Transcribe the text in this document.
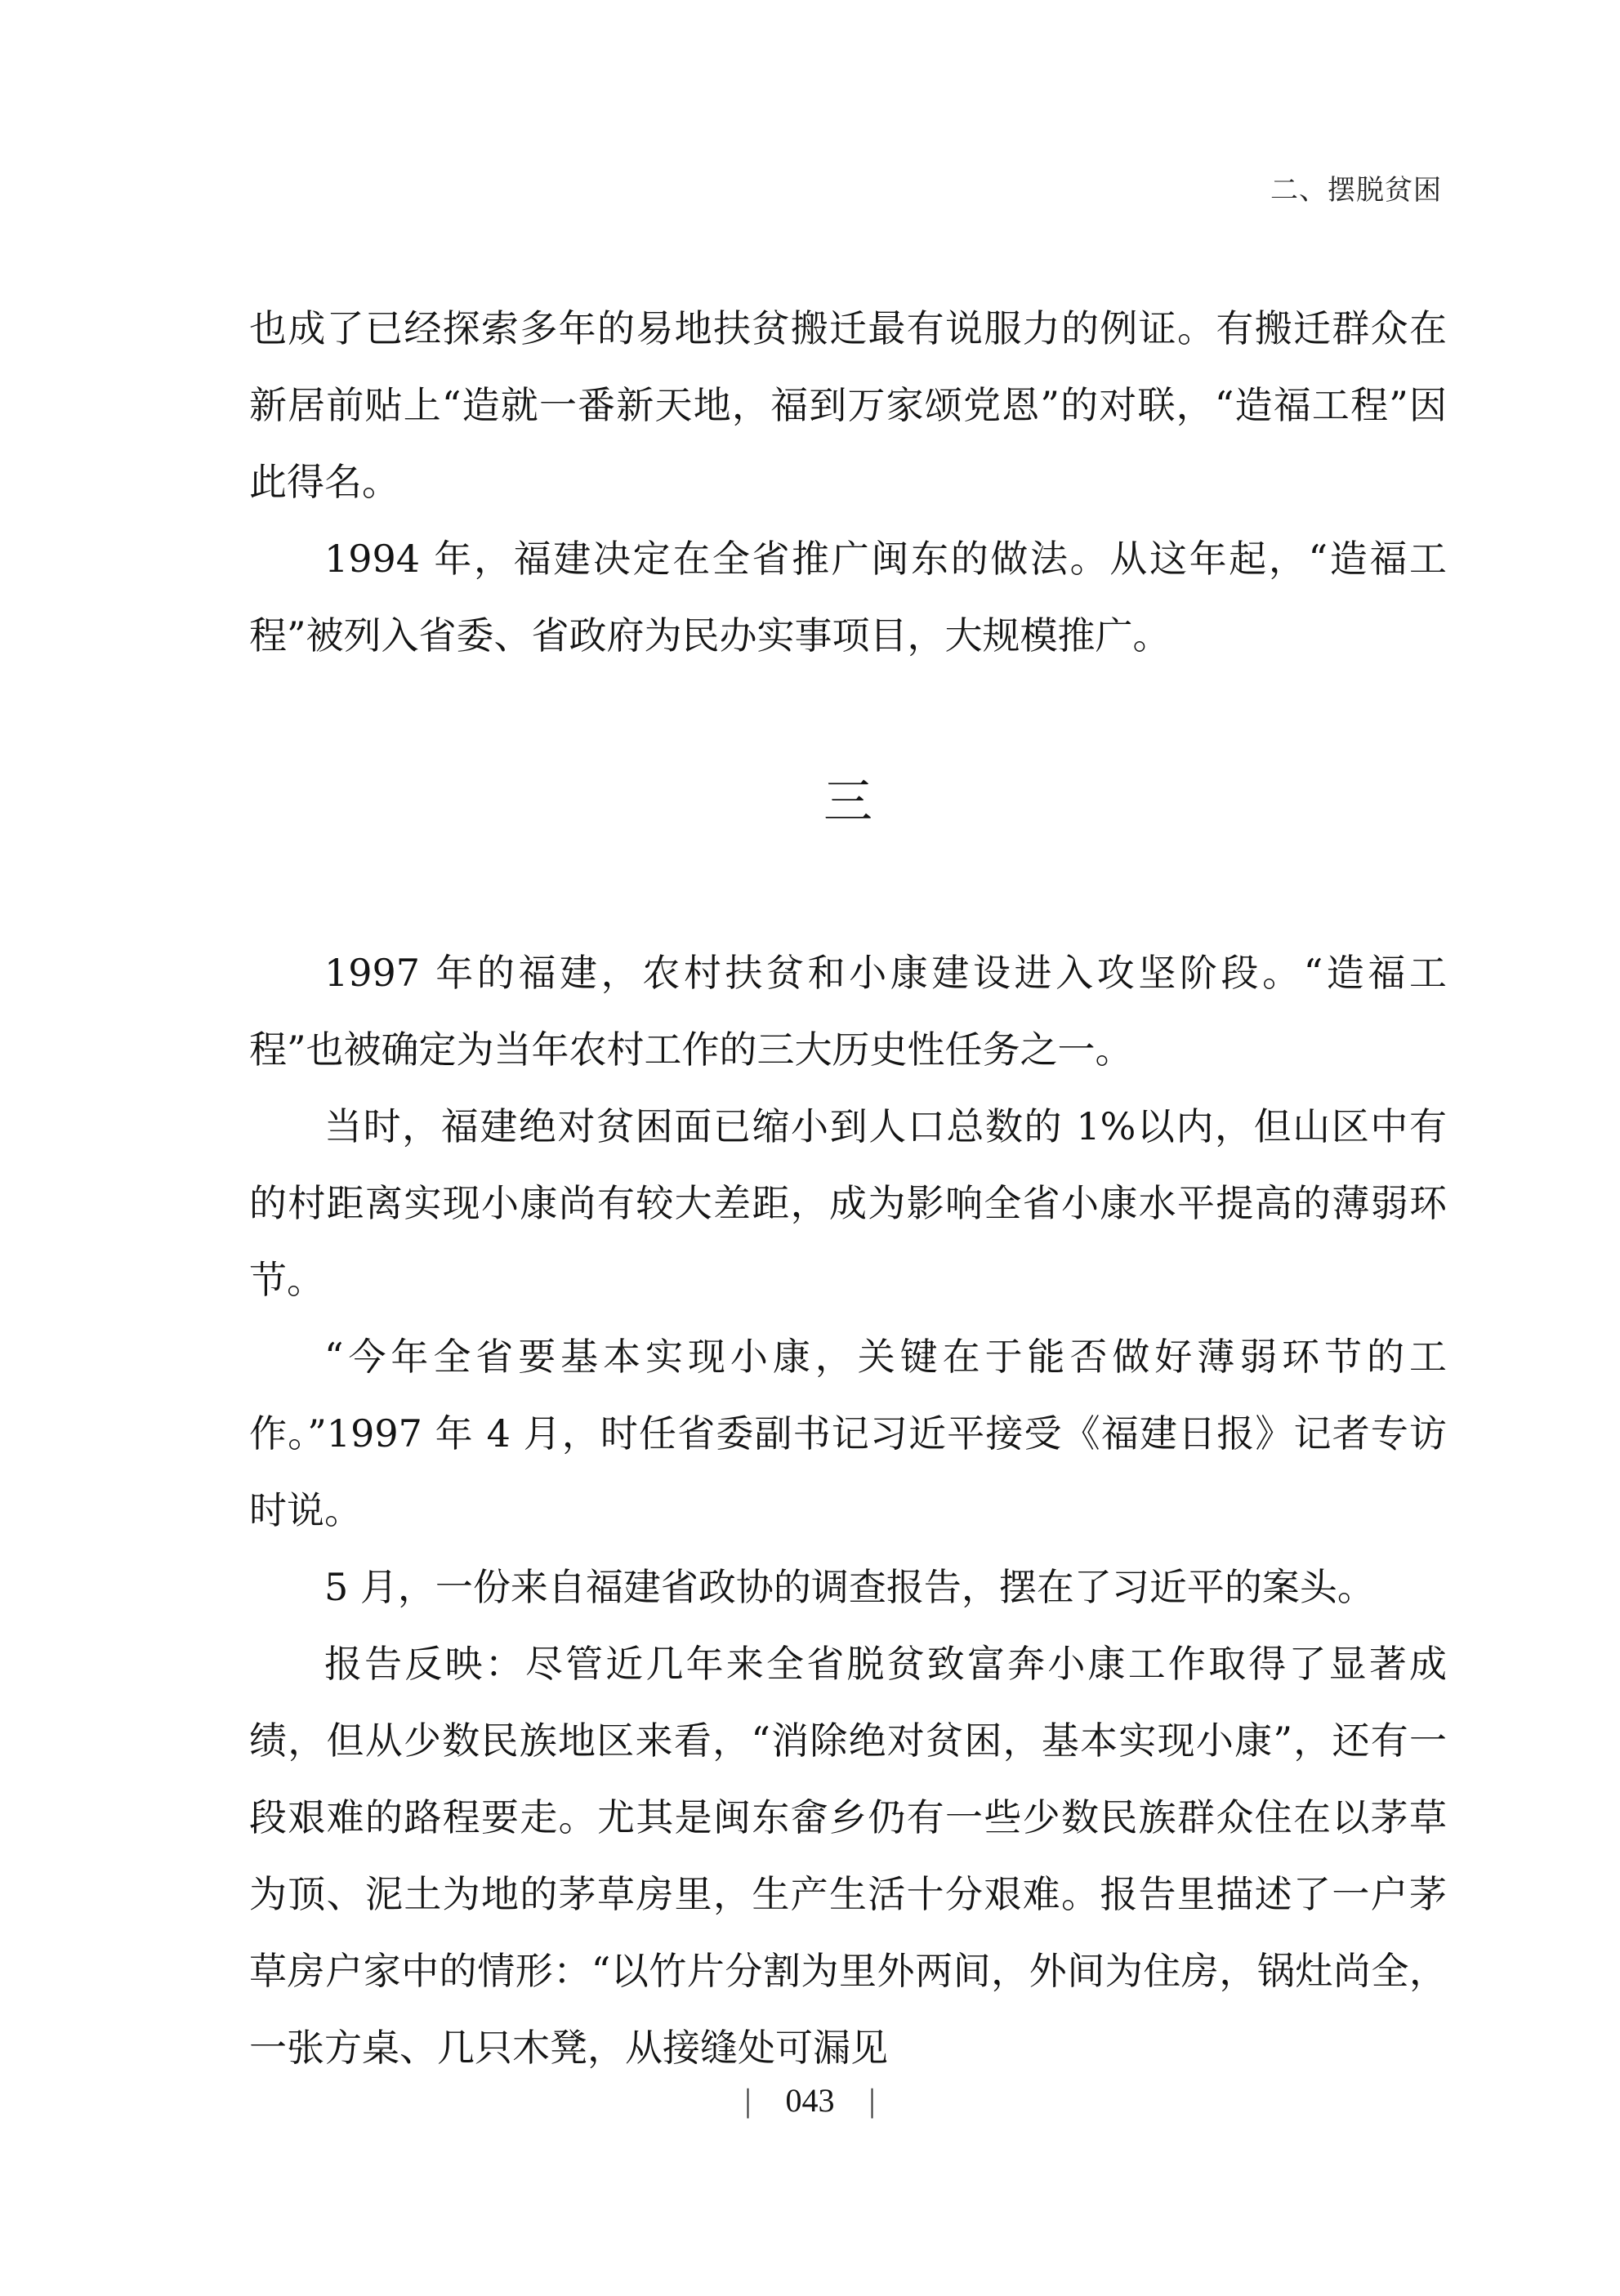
二、摆脱贫困

也成了已经探索多年的易地扶贫搬迁最有说服力的例证。有搬迁群众在新居前贴上“造就一番新天地，福到万家颂党恩”的对联，“造福工程”因此得名。

1994 年，福建决定在全省推广闽东的做法。从这年起，“造福工程”被列入省委、省政府为民办实事项目，大规模推广。

三

1997 年的福建，农村扶贫和小康建设进入攻坚阶段。“造福工程”也被确定为当年农村工作的三大历史性任务之一。

当时，福建绝对贫困面已缩小到人口总数的 1%以内，但山区中有的村距离实现小康尚有较大差距，成为影响全省小康水平提高的薄弱环节。

“今年全省要基本实现小康，关键在于能否做好薄弱环节的工作。”1997 年 4 月，时任省委副书记习近平接受《福建日报》记者专访时说。

5 月，一份来自福建省政协的调查报告，摆在了习近平的案头。

报告反映：尽管近几年来全省脱贫致富奔小康工作取得了显著成绩，但从少数民族地区来看，“消除绝对贫困，基本实现小康”，还有一段艰难的路程要走。尤其是闽东畲乡仍有一些少数民族群众住在以茅草为顶、泥土为地的茅草房里，生产生活十分艰难。报告里描述了一户茅草房户家中的情形：“以竹片分割为里外两间，外间为住房，锅灶尚全，一张方桌、几只木凳，从接缝处可漏见

| 043 |
